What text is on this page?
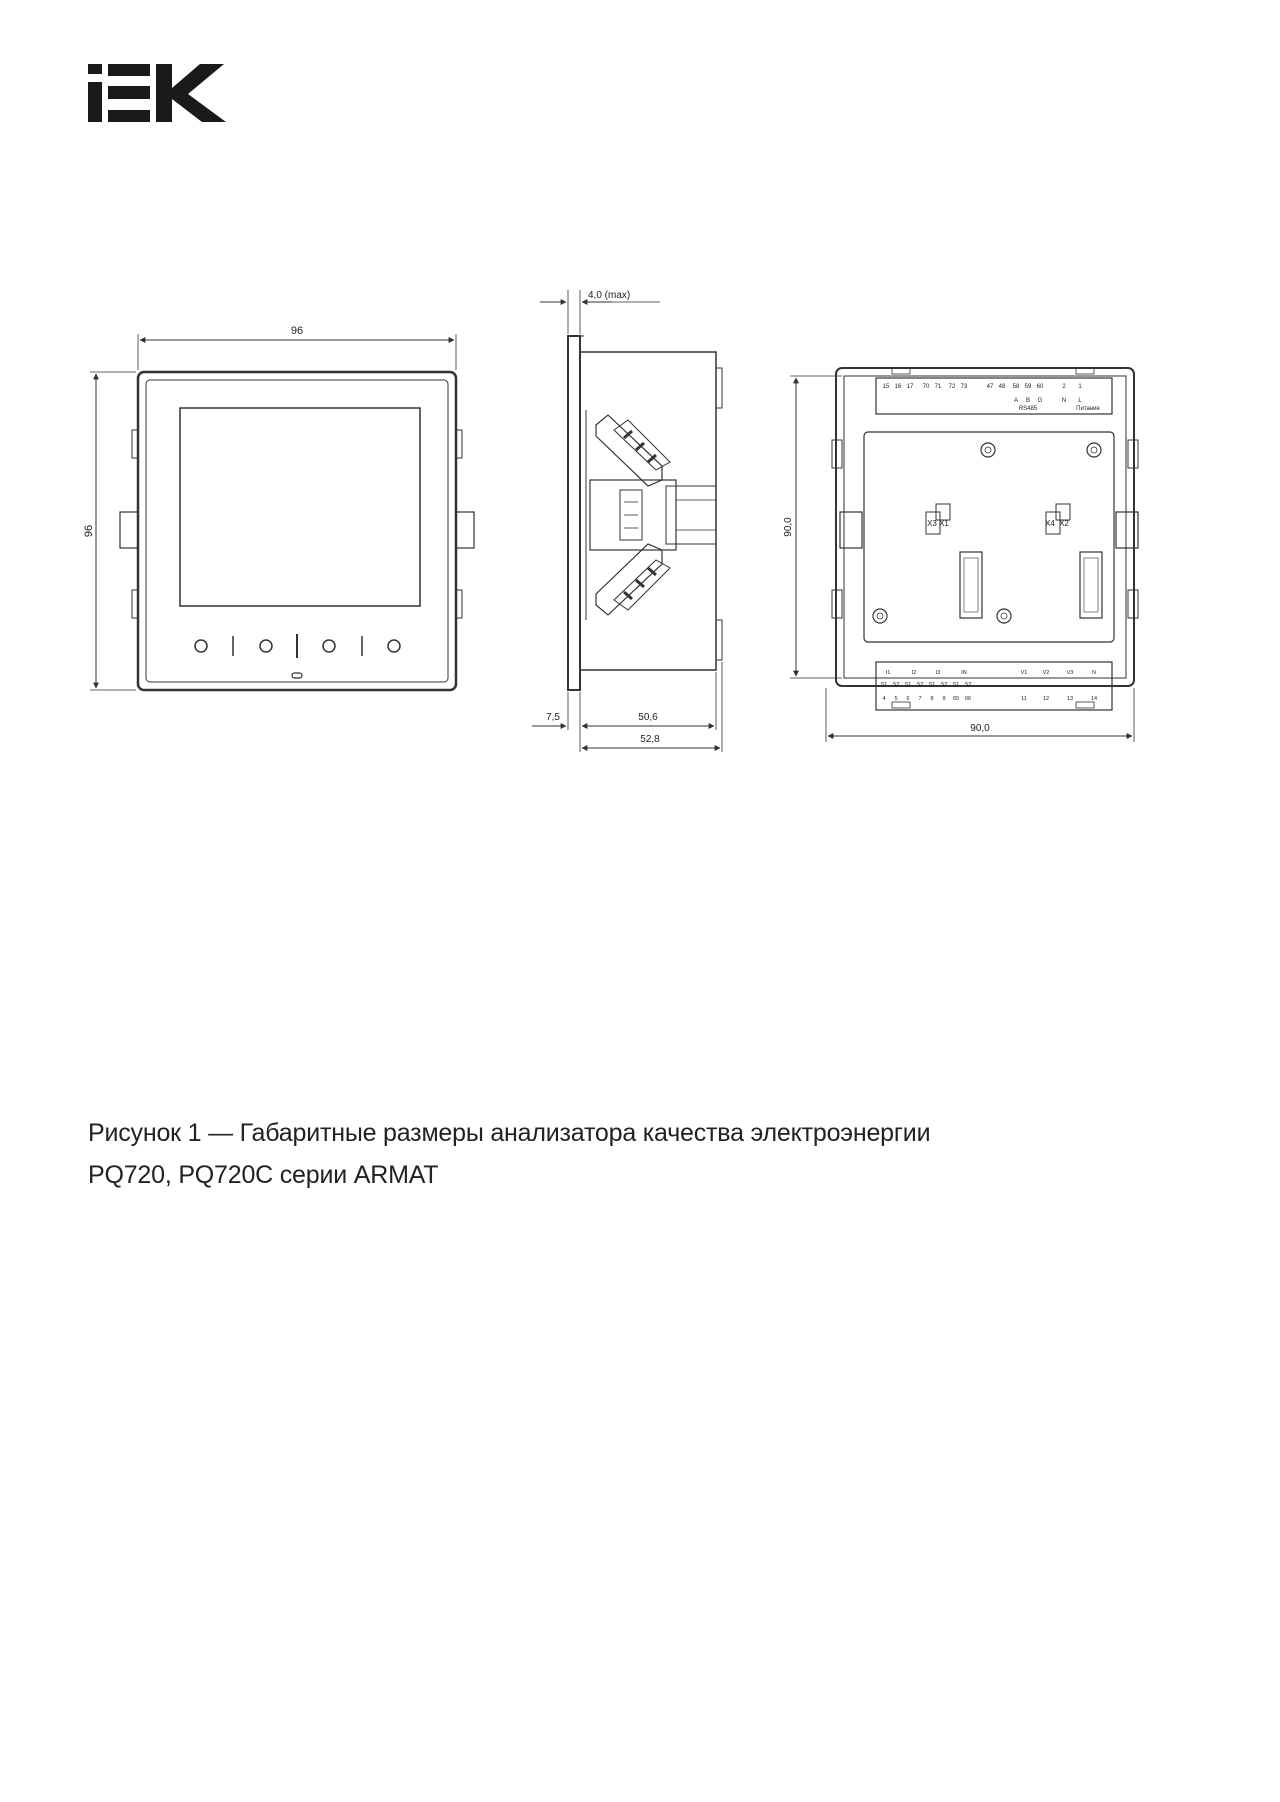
96
96
4,0 (max)
7,5	50,6
52,8
90,0
90,0
RS485	Питание
15 16 17 70 71 72 73	47 48 58 59 60	2 1
A B G	N L
I1	I2	I3	IN	V1	V2	V3	N
S1 S2 S1 S2 S1 S2 S1 S2
4 5 6 7 8 9 65 66	11	12	13	14
X3 X1	X4 X2
Рисунок 1 — Габаритные размеры анализатора качества электроэнергии
PQ720, PQ720C серии ARMAT
